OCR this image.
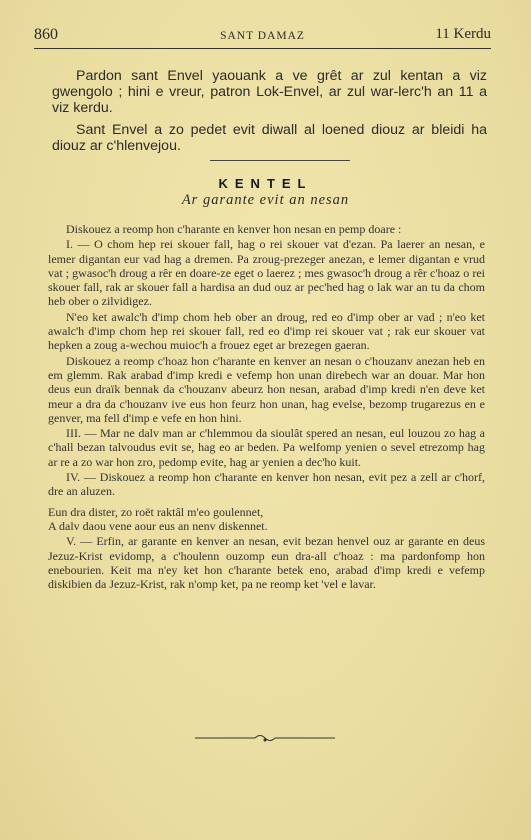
860	SANT DAMAZ	11 Kerdu

Pardon sant Envel yaouank a ve grêt ar zul kentan a viz gwengolo ; hini e vreur, patron Lok-Envel, ar zul war-lerc'h an 11 a viz kerdu.

Sant Envel a zo pedet evit diwall al loened diouz ar bleidi ha diouz ar c'hlenvejou.

KENTEL
Ar garante evit an nesan

Diskouez a reomp hon c'harante en kenver hon nesan en pemp doare :

I. — O chom hep rei skouer fall, hag o rei skouer vat d'ezan. Pa laerer an nesan, e lemer digantan eur vad hag a dremen. Pa zroug-prezeger anezan, e lemer digantan e vrud vat ; gwasoc'h droug a rêr en doare-ze eget o laerez ; mes gwasoc'h droug a rêr c'hoaz o rei skouer fall, rak ar skouer fall a hardisa an dud ouz ar pec'hed hag o lak war an tu da chom heb ober o zilvidigez.

N'eo ket awalc'h d'imp chom heb ober an droug, red eo d'imp ober ar vad ; n'eo ket awalc'h d'imp chom hep rei skouer fall, red eo d'imp rei skouer vat ; rak eur skouer vat hepken a zoug a-wechou muioc'h a frouez eget ar brezegen gaeran.

Diskouez a reomp c'hoaz hon c'harante en kenver an nesan o c'houzanv anezan heb en em glemm. Rak arabad d'imp kredi e vefemp hon unan direbech war an douar. Mar hon deus eun draïk bennak da c'houzanv abeurz hon nesan, arabad d'imp kredi n'en deve ket meur a dra da c'houzanv ive eus hon feurz hon unan, hag evelse, bezomp trugarezus en e genver, ma fell d'imp e vefe en hon hini.

III. — Mar ne dalv man ar c'hlemmou da sioulât spered an nesan, eul louzou zo hag a c'hall bezan talvoudus evit se, hag eo ar beden. Pa welfomp yenien o sevel etrezomp hag ar re a zo war hon zro, pedomp evite, hag ar yenien a dec'ho kuit.

IV. — Diskouez a reomp hon c'harante en kenver hon nesan, evit pez a zell ar c'horf, dre an aluzen.

Eun dra dister, zo roët raktâl m'eo goulennet,
A dalv daou vene aour eus an nenv diskennet.

V. — Erfin, ar garante en kenver an nesan, evit bezan henvel ouz ar garante en deus Jezuz-Krist evidomp, a c'houlenn ouzomp eun dra-all c'hoaz : ma pardonfomp hon enebourien. Keit ma n'ey ket hon c'harante betek eno, arabad d'imp kredi e vefemp diskibien da Jezuz-Krist, rak n'omp ket, pa ne reomp ket 'vel e lavar.
